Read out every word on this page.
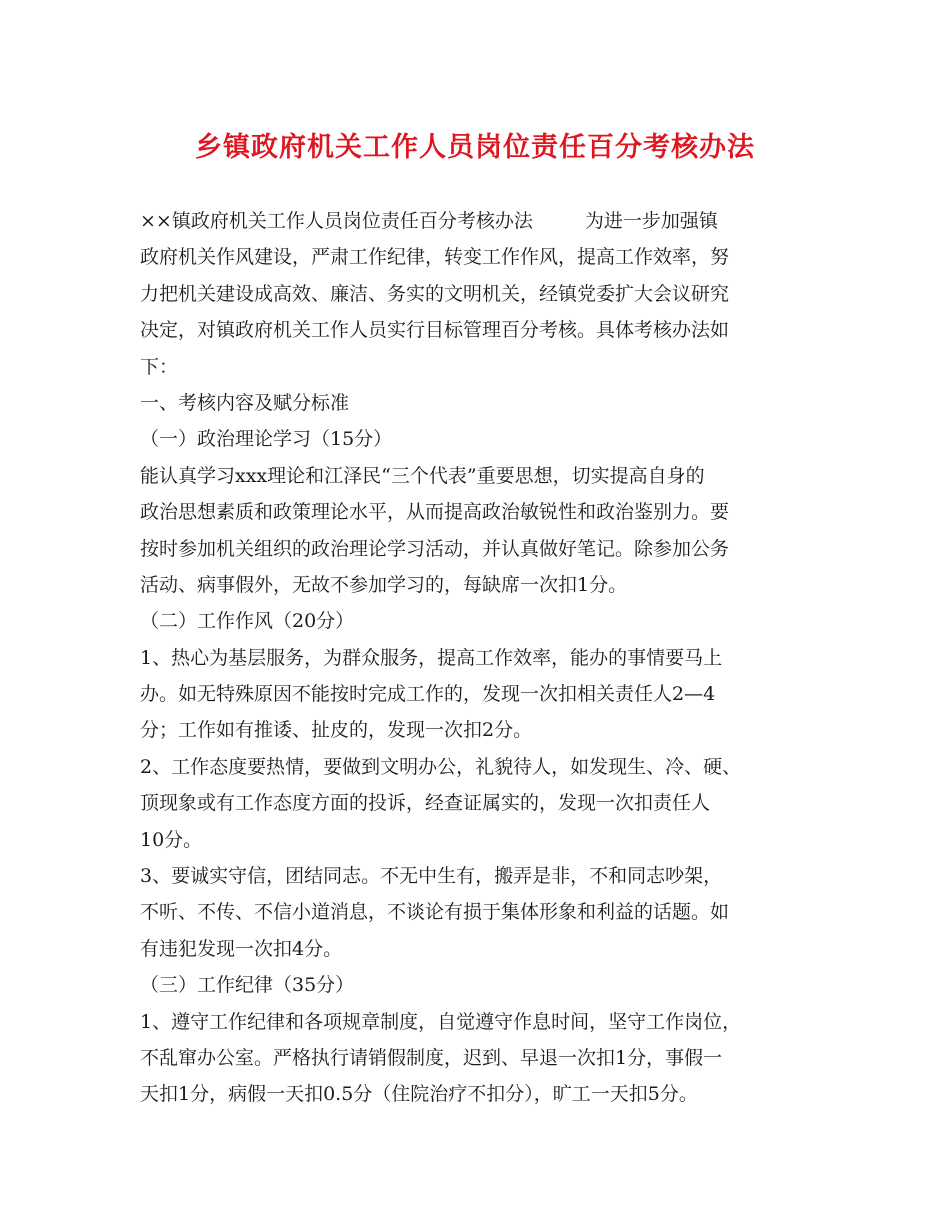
乡镇政府机关工作人员岗位责任百分考核办法
××镇政府机关工作人员岗位责任百分考核办法	为进一步加强镇
政府机关作风建设，严肃工作纪律，转变工作作风，提高工作效率，努
力把机关建设成高效、廉洁、务实的文明机关，经镇党委扩大会议研究
决定，对镇政府机关工作人员实行目标管理百分考核。具体考核办法如
下：
一、考核内容及赋分标准
（一）政治理论学习（15分）
能认真学习xxx理论和江泽民“三个代表”重要思想，切实提高自身的
政治思想素质和政策理论水平，从而提高政治敏锐性和政治鉴别力。要
按时参加机关组织的政治理论学习活动，并认真做好笔记。除参加公务
活动、病事假外，无故不参加学习的，每缺席一次扣1分。
（二）工作作风（20分）
1、热心为基层服务，为群众服务，提高工作效率，能办的事情要马上
办。如无特殊原因不能按时完成工作的，发现一次扣相关责任人2—4
分；工作如有推诿、扯皮的，发现一次扣2分。
2、工作态度要热情，要做到文明办公，礼貌待人，如发现生、冷、硬、
顶现象或有工作态度方面的投诉，经查证属实的，发现一次扣责任人
10分。
3、要诚实守信，团结同志。不无中生有，搬弄是非，不和同志吵架，
不听、不传、不信小道消息，不谈论有损于集体形象和利益的话题。如
有违犯发现一次扣4分。
（三）工作纪律（35分）
1、遵守工作纪律和各项规章制度，自觉遵守作息时间，坚守工作岗位，
不乱窜办公室。严格执行请销假制度，迟到、早退一次扣1分，事假一
天扣1分，病假一天扣0.5分（住院治疗不扣分），旷工一天扣5分。
